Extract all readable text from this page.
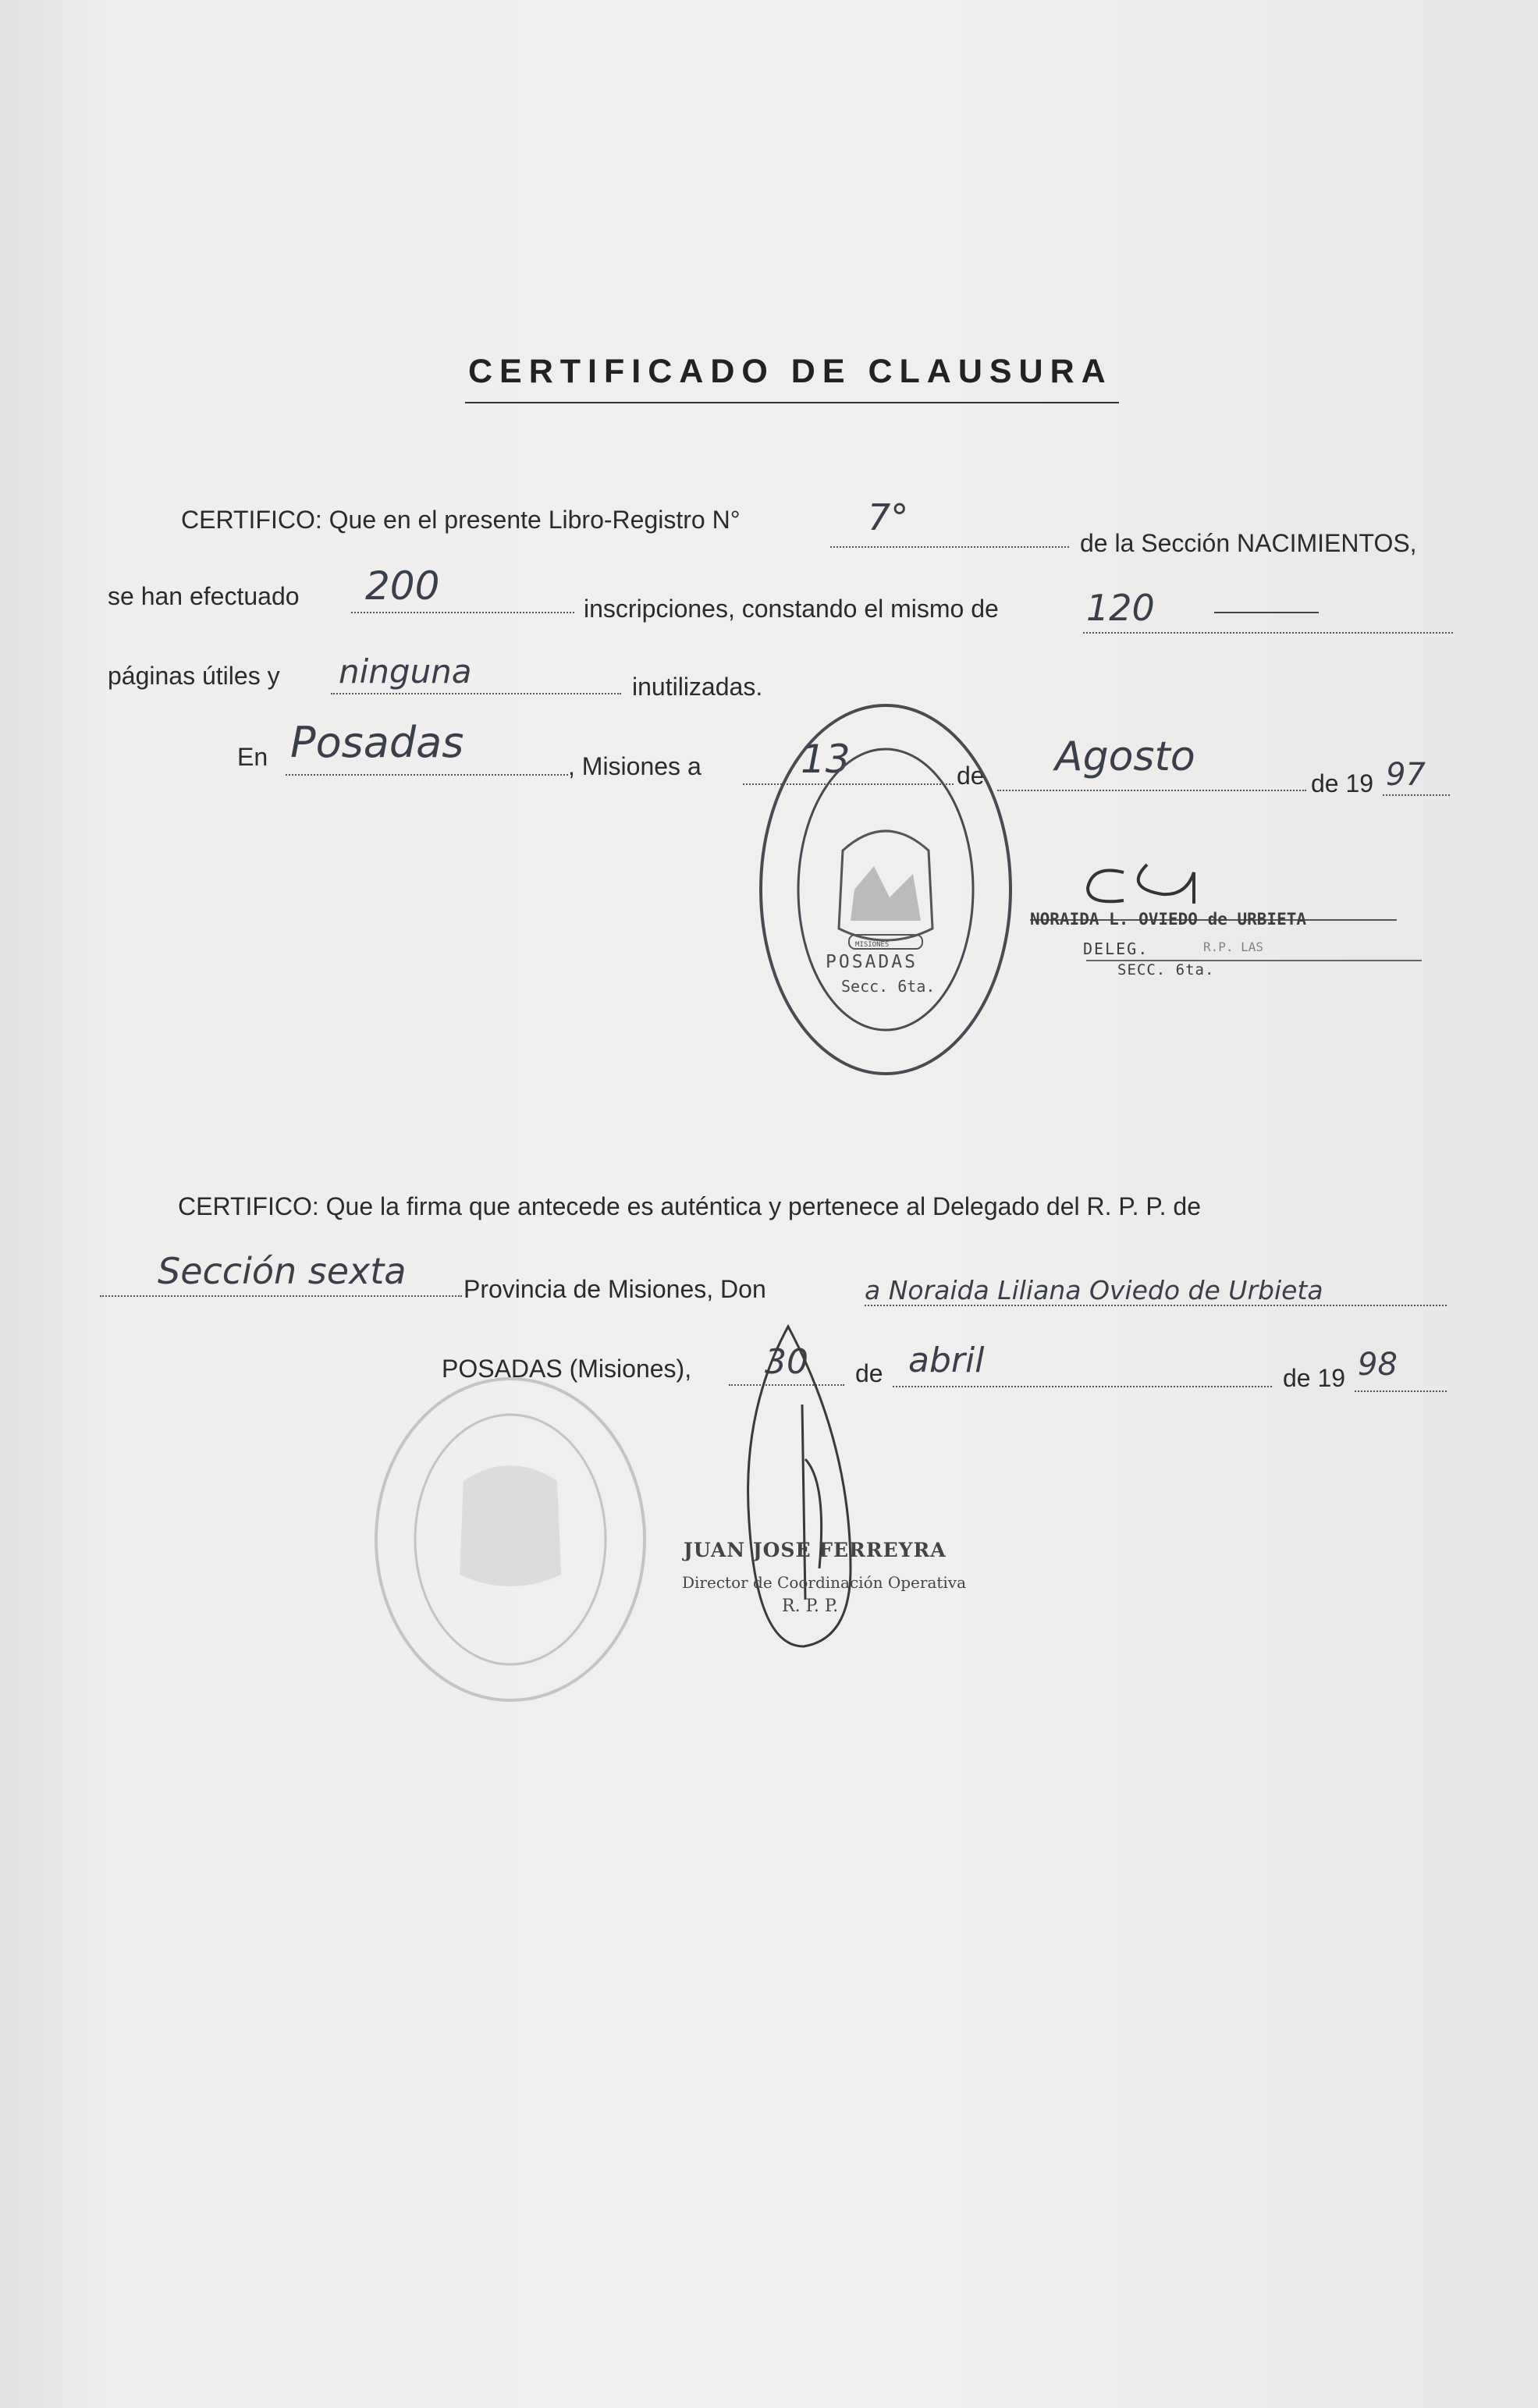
CERTIFICADO DE CLAUSURA
CERTIFICO: Que en el presente Libro-Registro N°	7°
de la Sección NACIMIENTOS,
se han efectuado 200	inscripciones, constando el mismo de 120
páginas útiles y ninguna	inutilizadas.
En Posadas	, Misiones a	13	de Agosto
de 19 97
POSADAS
Secc. 6ta.
MISIONES
NORAIDA L. OVIEDO de URBIETA
DELEG.	R.P. LAS
SECC. 6ta.
CERTIFICO: Que la firma que antecede es auténtica y pertenece al Delegado del R. P. P. de
Sección sexta Provincia de Misiones, Don	a Noraida Liliana Oviedo de Urbieta
POSADAS (Misiones), 30 de abril	de 19 98
JUAN JOSE FERREYRA
Director de Coordinación Operativa
R. P. P.
